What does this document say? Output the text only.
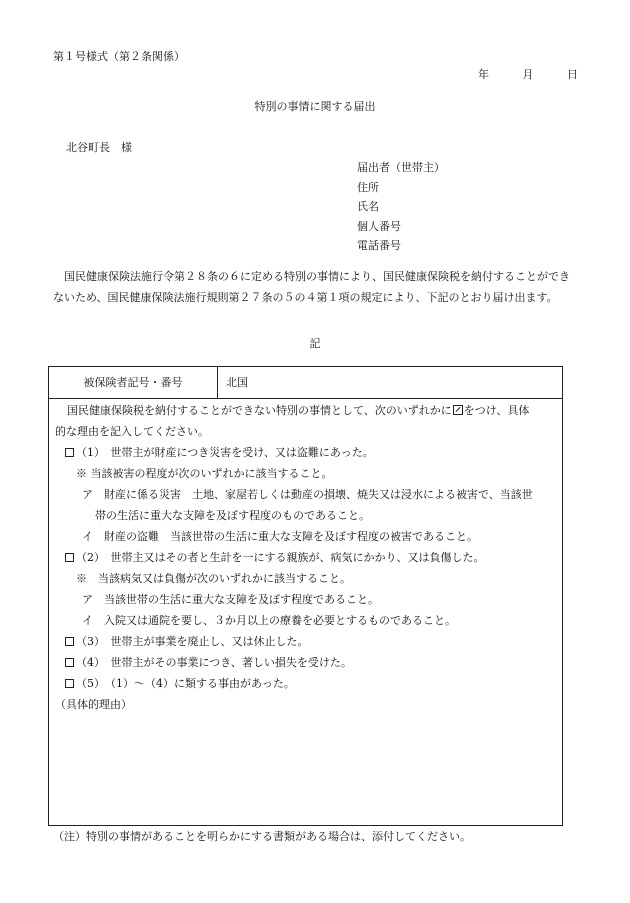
第１号様式（第２条関係）
年	月	日
特別の事情に関する届出
北谷町長　様
届出者（世帯主）
住所
氏名
個人番号
電話番号
国民健康保険法施行令第２８条の６に定める特別の事情により、国民健康保険税を納付することができないため、国民健康保険法施行規則第２７条の５の４第１項の規定により、下記のとおり届け出ます。
記
被保険者記号・番号	北国
国民健康保険税を納付することができない特別の事情として、次のいずれかに をつけ、具体
的な理由を記入してください。
（1）　世帯主が財産につき災害を受け、又は盗難にあった。
※ 当該被害の程度が次のいずれかに該当すること。
ア　財産に係る災害　土地、家屋若しくは動産の損壊、焼失又は浸水による被害で、当該世
帯の生活に重大な支障を及ぼす程度のものであること。
イ　財産の盗難　当該世帯の生活に重大な支障を及ぼす程度の被害であること。
（2）　世帯主又はその者と生計を一にする親族が、病気にかかり、又は負傷した。
※　当該病気又は負傷が次のいずれかに該当すること。
ア　当該世帯の生活に重大な支障を及ぼす程度であること。
イ　入院又は通院を要し、３か月以上の療養を必要とするものであること。
（3）　世帯主が事業を廃止し、又は休止した。
（4）　世帯主がその事業につき、著しい損失を受けた。
（5）　（1）～（4）に類する事由があった。
（具体的理由）
（注）特別の事情があることを明らかにする書類がある場合は、添付してください。
